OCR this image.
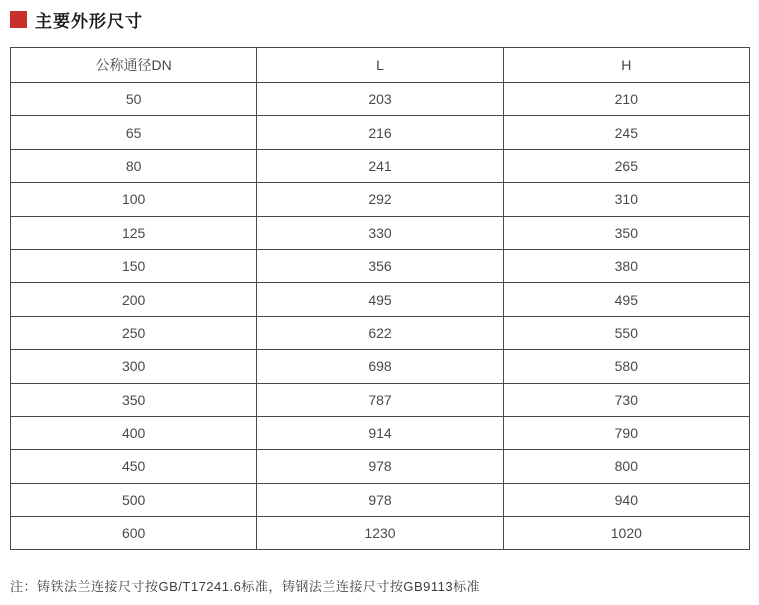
主要外形尺寸
公称通径DN	L	H
50	203	210
65	216	245
80	241	265
100	292	310
125	330	350
150	356	380
200	495	495
250	622	550
300	698	580
350	787	730
400	914	790
450	978	800
500	978	940
600	1230	1020
注：铸铁法兰连接尺寸按GB/T17241.6标准，铸钢法兰连接尺寸按GB9113标准
